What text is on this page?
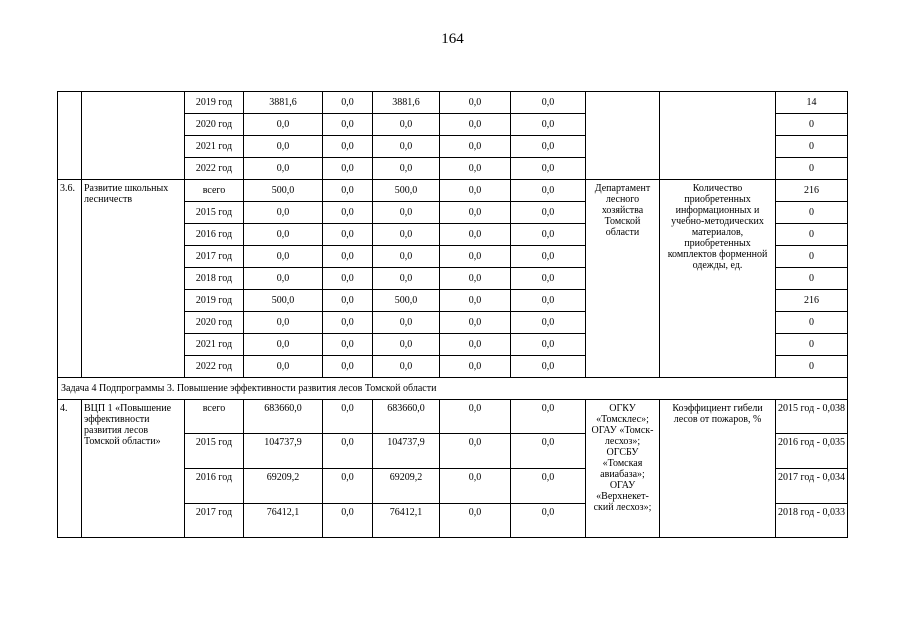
164
		2019 год	3881,6	0,0	3881,6	0,0	0,0			14
		2020 год	0,0	0,0	0,0	0,0	0,0			0
		2021 год	0,0	0,0	0,0	0,0	0,0			0
		2022 год	0,0	0,0	0,0	0,0	0,0			0
3.6.	Развитие школьных лесничеств	всего	500,0	0,0	500,0	0,0	0,0	Департамент лесного хозяйства Томской области	Количество приобретенных информационных и учебно-методических материалов, приобретенных комплектов форменной одежды, ед.	216
		2015 год	0,0	0,0	0,0	0,0	0,0			0
		2016 год	0,0	0,0	0,0	0,0	0,0			0
		2017 год	0,0	0,0	0,0	0,0	0,0			0
		2018 год	0,0	0,0	0,0	0,0	0,0			0
		2019 год	500,0	0,0	500,0	0,0	0,0			216
		2020 год	0,0	0,0	0,0	0,0	0,0			0
		2021 год	0,0	0,0	0,0	0,0	0,0			0
		2022 год	0,0	0,0	0,0	0,0	0,0			0
Задача 4 Подпрограммы 3. Повышение эффективности развития лесов Томской области										
4.	ВЦП 1 «Повышение эффективности развития лесов Томской области»	всего	683660,0	0,0	683660,0	0,0	0,0	ОГКУ «Томсклес»; ОГАУ «Томск-лесхоз»; ОГСБУ «Томская авиабаза»; ОГАУ «Верхнекет-ский лесхоз»;	Коэффициент гибели лесов от пожаров, %	2015 год - 0,038
		2015 год	104737,9	0,0	104737,9	0,0	0,0			2016 год - 0,035
		2016 год	69209,2	0,0	69209,2	0,0	0,0			2017 год - 0,034
		2017 год	76412,1	0,0	76412,1	0,0	0,0			2018 год - 0,033
